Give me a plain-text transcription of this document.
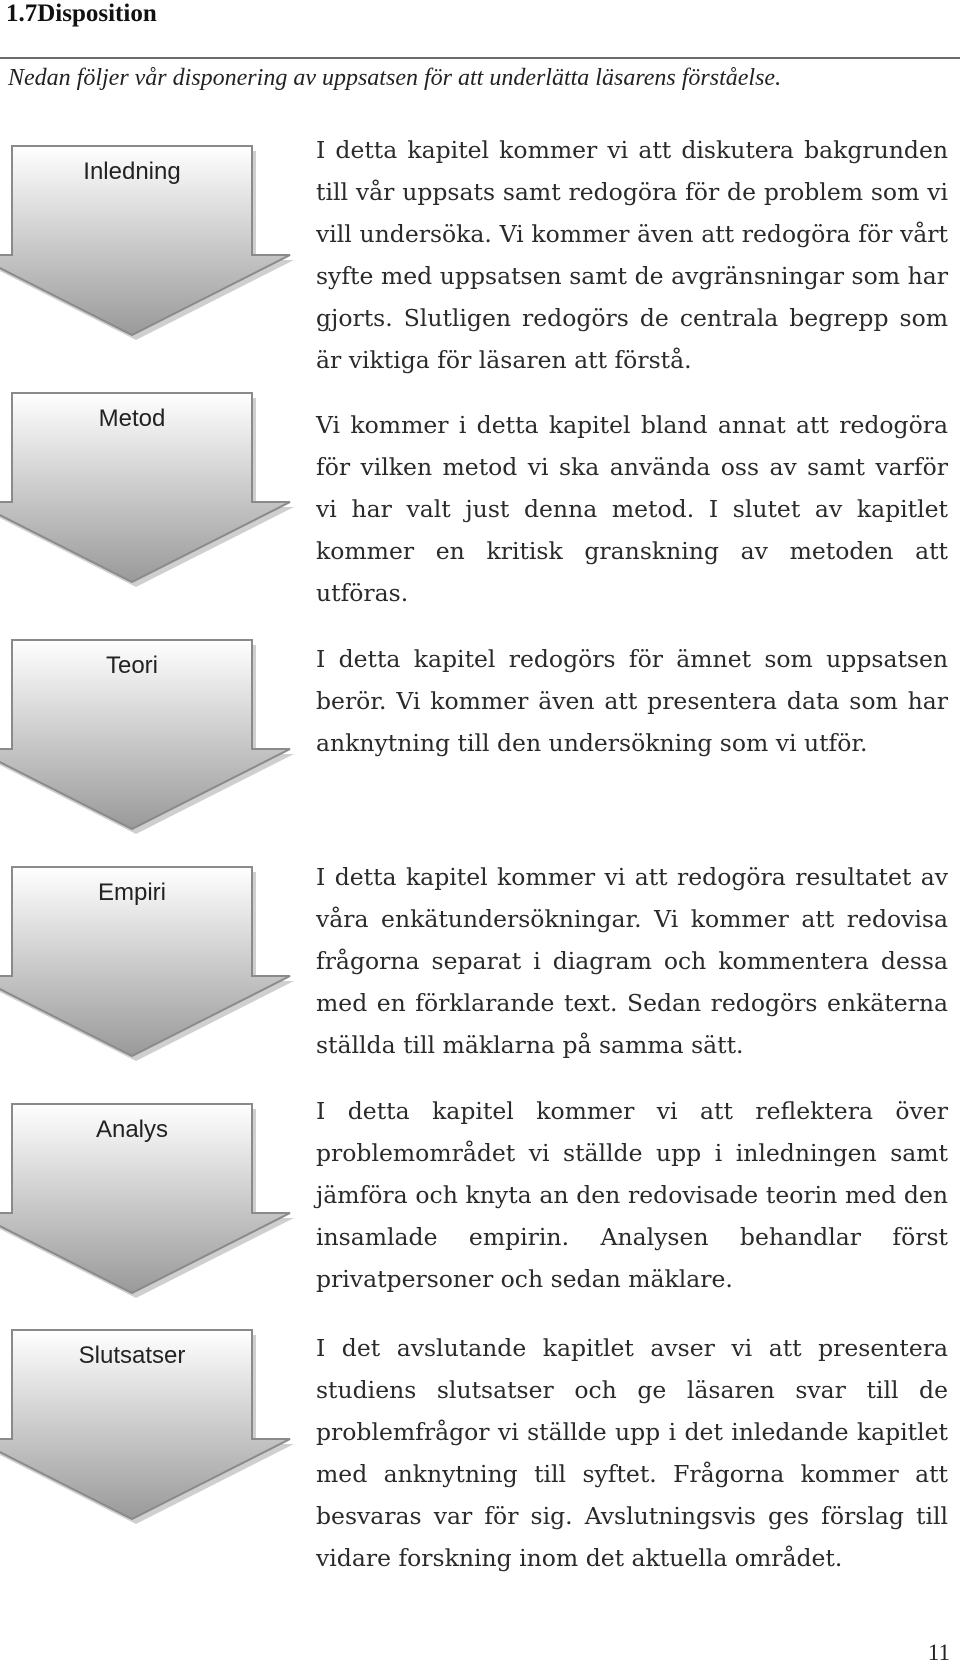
1.7Disposition
Nedan följer vår disponering av uppsatsen för att underlätta läsarens förståelse.
Inledning
Metod
Teori
Empiri
Analys
Slutsatser

I detta kapitel kommer vi att diskutera bakgrunden till vår uppsats samt redogöra för de problem som vi vill undersöka. Vi kommer även att redogöra för vårt syfte med uppsatsen samt de avgränsningar som har gjorts. Slutligen redogörs de centrala begrepp som är viktiga för läsaren att förstå.

Vi kommer i detta kapitel bland annat att redogöra för vilken metod vi ska använda oss av samt varför vi har valt just denna metod. I slutet av kapitlet kommer en kritisk granskning av metoden att utföras.

I detta kapitel redogörs för ämnet som uppsatsen berör. Vi kommer även att presentera data som har anknytning till den undersökning som vi utför.

I detta kapitel kommer vi att redogöra resultatet av våra enkätundersökningar. Vi kommer att redovisa frågorna separat i diagram och kommentera dessa med en förklarande text. Sedan redogörs enkäterna ställda till mäklarna på samma sätt.

I detta kapitel kommer vi att reflektera över problemområdet vi ställde upp i inledningen samt jämföra och knyta an den redovisade teorin med den insamlade empirin. Analysen behandlar först privatpersoner och sedan mäklare.

I det avslutande kapitlet avser vi att presentera studiens slutsatser och ge läsaren svar till de problemfrågor vi ställde upp i det inledande kapitlet med anknytning till syftet. Frågorna kommer att besvaras var för sig. Avslutningsvis ges förslag till vidare forskning inom det aktuella området.

11
